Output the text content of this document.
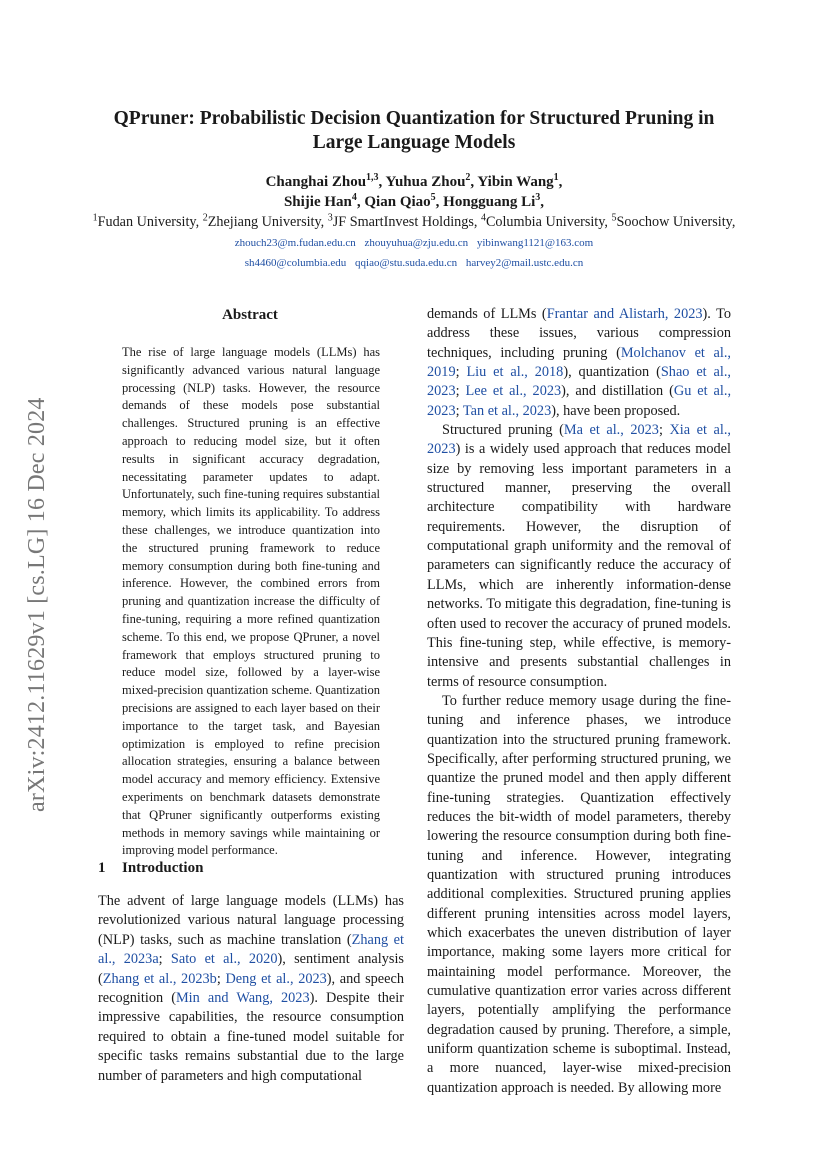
arXiv:2412.11629v1 [cs.LG] 16 Dec 2024
QPruner: Probabilistic Decision Quantization for Structured Pruning in
Large Language Models

Changhai Zhou$^{1,3}$, Yuhua Zhou$^2$, Yibin Wang$^1$,

Shijie Han$^4$, Qian Qiao$^5$, Hongguang Li$^3$,

$^1$Fudan University, $^2$Zhejiang University, $^3$JF SmartInvest Holdings, $^4$Columbia University, $^5$Soochow University,

zhouch23@m.fudan.edu.cn zhouyuhua@zju.edu.cn yibinwang1121@163.com

sh4460@columbia.edu qqiao@stu.suda.edu.cn harvey2@mail.ustc.edu.cn

Abstract

The rise of large language models (LLMs) has significantly advanced various natural language processing (NLP) tasks. However, the resource demands of these models pose substantial challenges. Structured pruning is an effective approach to reducing model size, but it often results in significant accuracy degradation, necessitating parameter updates to adapt. Unfortunately, such fine-tuning requires substantial memory, which limits its applicability. To address these challenges, we introduce quantization into the structured pruning framework to reduce memory consumption during both fine-tuning and inference. However, the combined errors from pruning and quantization increase the difficulty of fine-tuning, requiring a more refined quantization scheme. To this end, we propose QPruner, a novel framework that employs structured pruning to reduce model size, followed by a layer-wise mixed-precision quantization scheme. Quantization precisions are assigned to each layer based on their importance to the target task, and Bayesian optimization is employed to refine precision allocation strategies, ensuring a balance between model accuracy and memory efficiency. Extensive experiments on benchmark datasets demonstrate that QPruner significantly outperforms existing methods in memory savings while maintaining or improving model performance.

1 Introduction

The advent of large language models (LLMs) has revolutionized various natural language processing (NLP) tasks, such as machine translation (Zhang et al., 2023a; Sato et al., 2020), sentiment analysis (Zhang et al., 2023b; Deng et al., 2023), and speech recognition (Min and Wang, 2023). Despite their impressive capabilities, the resource consumption required to obtain a fine-tuned model suitable for specific tasks remains substantial due to the large number of parameters and high computational

demands of LLMs (Frantar and Alistarh, 2023). To address these issues, various compression techniques, including pruning (Molchanov et al., 2019; Liu et al., 2018), quantization (Shao et al., 2023; Lee et al., 2023), and distillation (Gu et al., 2023; Tan et al., 2023), have been proposed.

Structured pruning (Ma et al., 2023; Xia et al., 2023) is a widely used approach that reduces model size by removing less important parameters in a structured manner, preserving the overall architecture compatibility with hardware requirements. However, the disruption of computational graph uniformity and the removal of parameters can significantly reduce the accuracy of LLMs, which are inherently information-dense networks. To mitigate this degradation, fine-tuning is often used to recover the accuracy of pruned models. This fine-tuning step, while effective, is memory-intensive and presents substantial challenges in terms of resource consumption.

To further reduce memory usage during the fine-tuning and inference phases, we introduce quantization into the structured pruning framework. Specifically, after performing structured pruning, we quantize the pruned model and then apply different fine-tuning strategies. Quantization effectively reduces the bit-width of model parameters, thereby lowering the resource consumption during both fine-tuning and inference. However, integrating quantization with structured pruning introduces additional complexities. Structured pruning applies different pruning intensities across model layers, which exacerbates the uneven distribution of layer importance, making some layers more critical for maintaining model performance. Moreover, the cumulative quantization error varies across different layers, potentially amplifying the performance degradation caused by pruning. Therefore, a simple, uniform quantization scheme is suboptimal. Instead, a more nuanced, layer-wise mixed-precision quantization approach is needed. By allowing more
